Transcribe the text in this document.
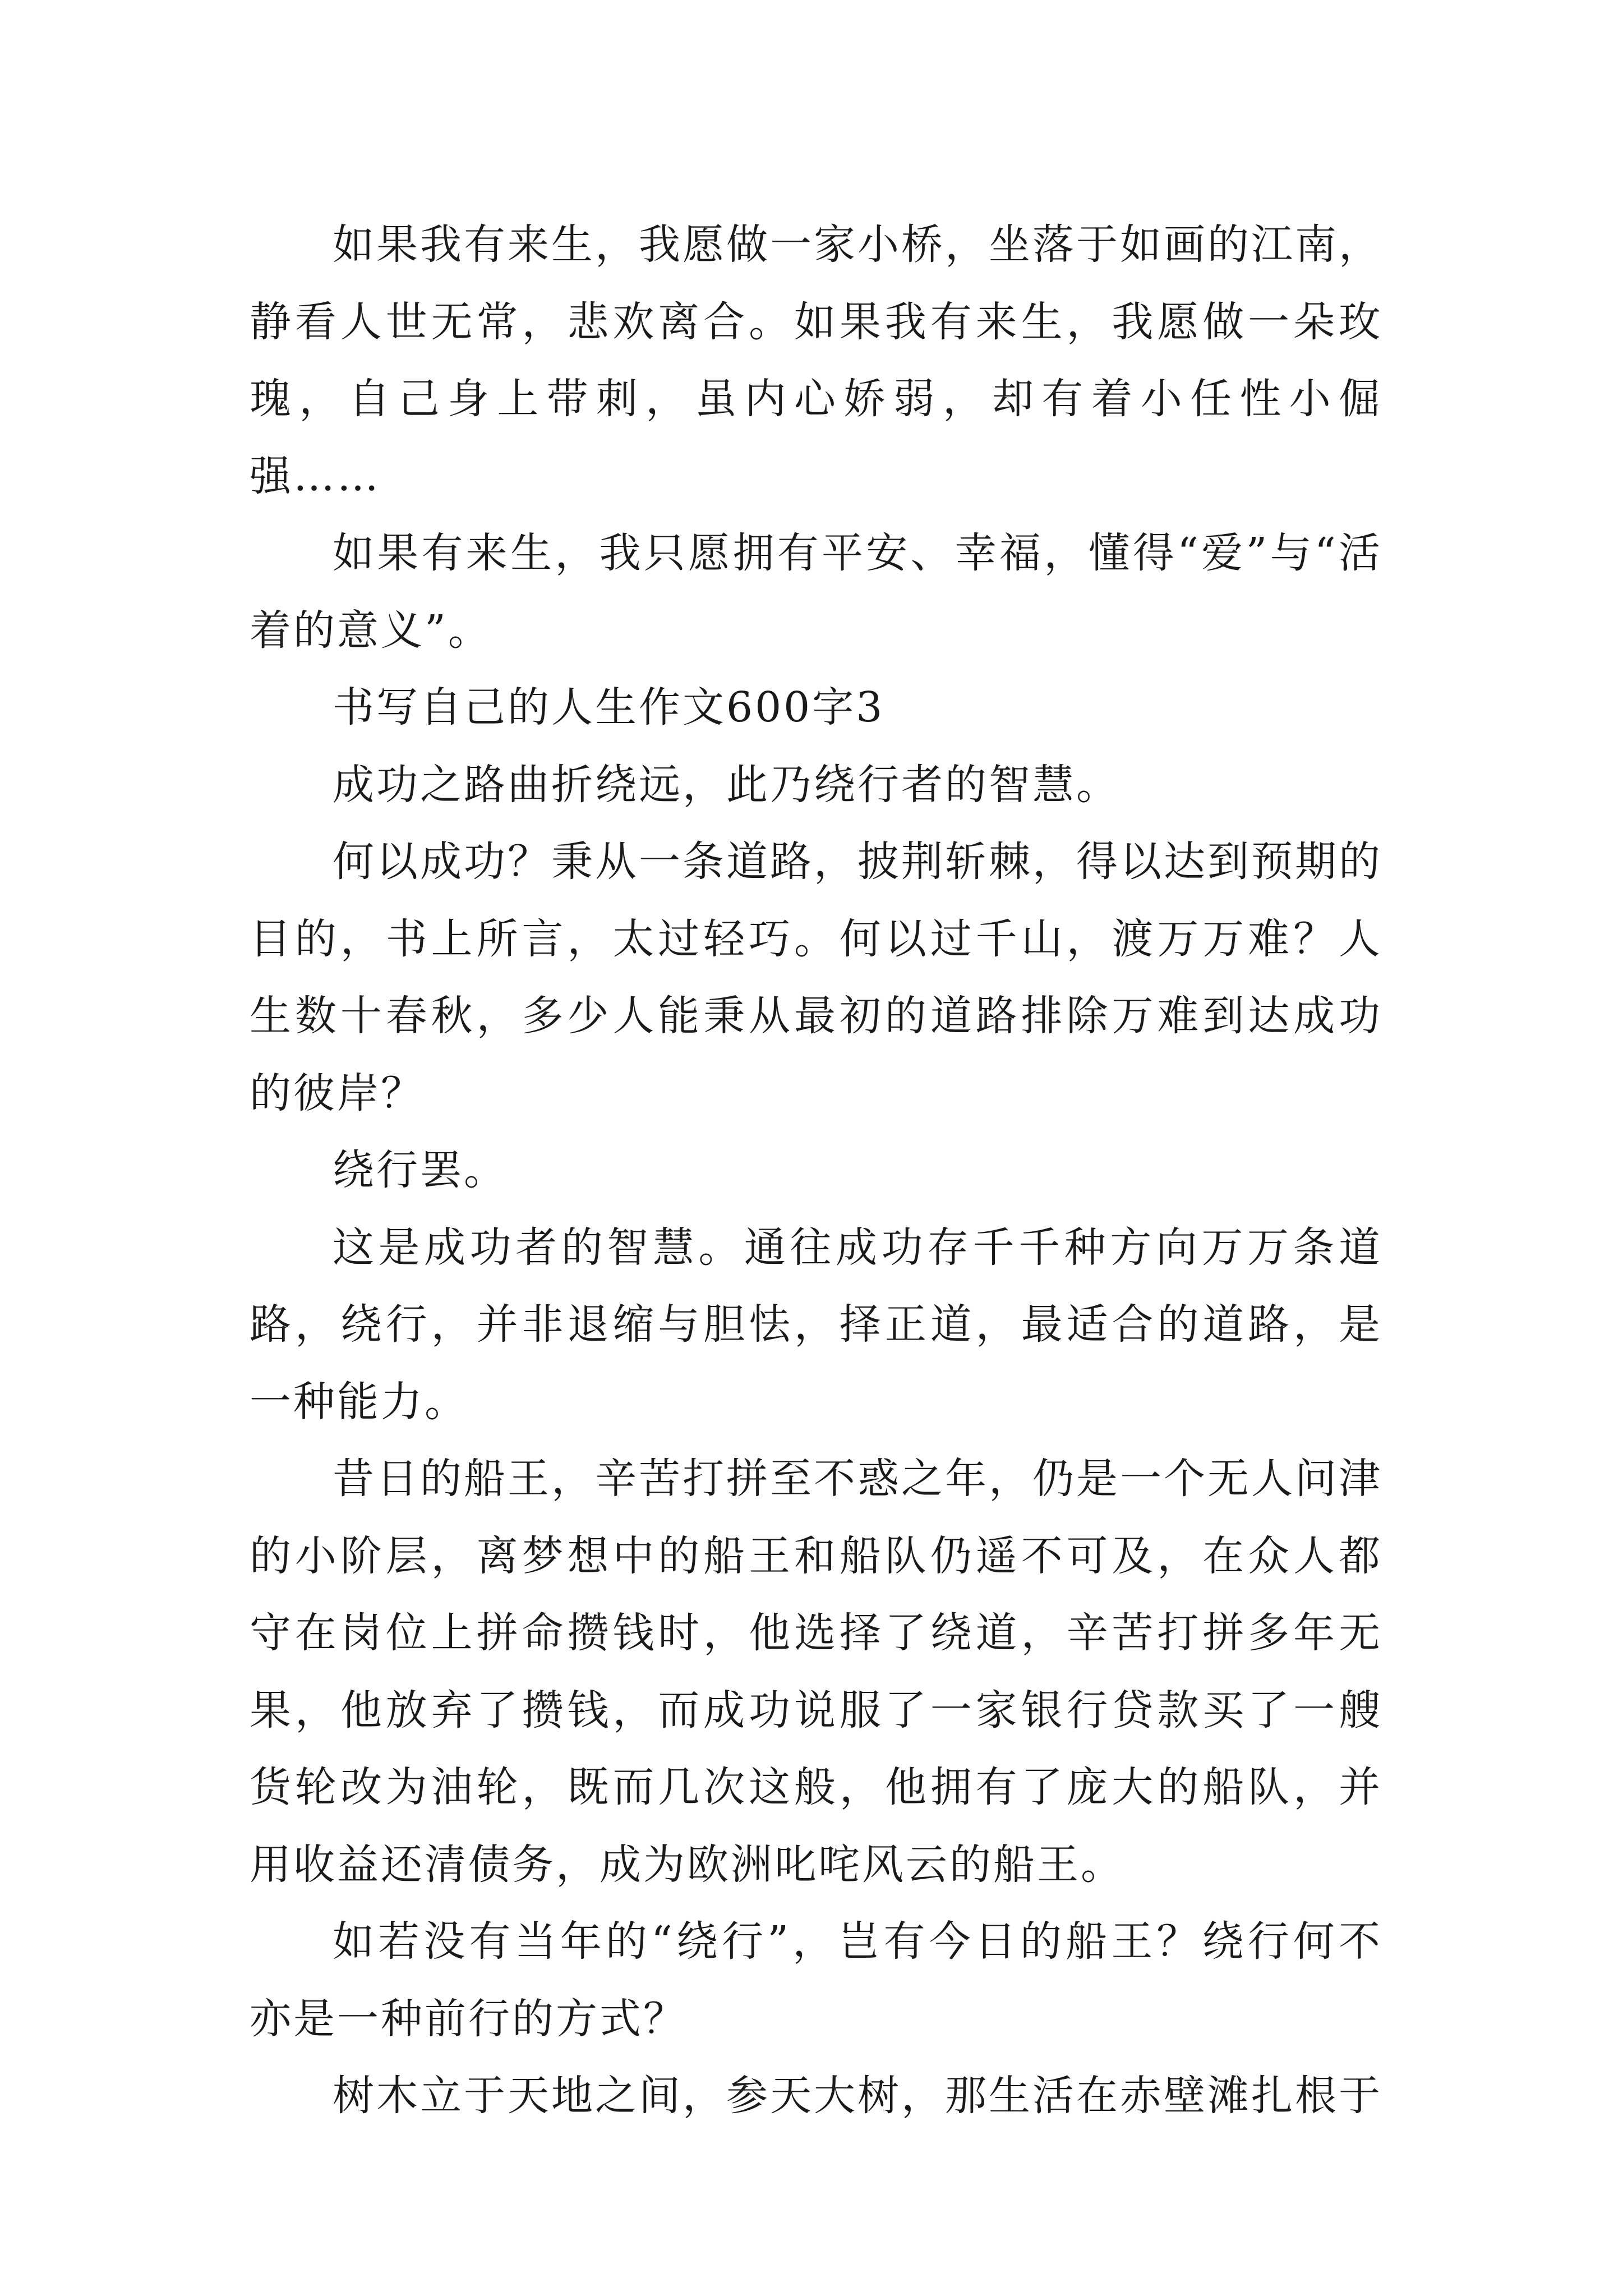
如果我有来生，我愿做一家小桥，坐落于如画的江南，静看人世无常，悲欢离合。如果我有来生，我愿做一朵玫瑰，自己身上带刺，虽内心娇弱，却有着小任性小倔强……

如果有来生，我只愿拥有平安、幸福，懂得“爱”与“活着的意义”。

书写自己的人生作文600字3

成功之路曲折绕远，此乃绕行者的智慧。

何以成功？秉从一条道路，披荆斩棘，得以达到预期的目的，书上所言，太过轻巧。何以过千山，渡万万难？人生数十春秋，多少人能秉从最初的道路排除万难到达成功的彼岸？

绕行罢。

这是成功者的智慧。通往成功存千千种方向万万条道路，绕行，并非退缩与胆怯，择正道，最适合的道路，是一种能力。

昔日的船王，辛苦打拼至不惑之年，仍是一个无人问津的小阶层，离梦想中的船王和船队仍遥不可及，在众人都守在岗位上拼命攒钱时，他选择了绕道，辛苦打拼多年无果，他放弃了攒钱，而成功说服了一家银行贷款买了一艘货轮改为油轮，既而几次这般，他拥有了庞大的船队，并用收益还清债务，成为欧洲叱咤风云的船王。

如若没有当年的“绕行”，岂有今日的船王？绕行何不亦是一种前行的方式？

树木立于天地之间，参天大树，那生活在赤壁滩扎根于
